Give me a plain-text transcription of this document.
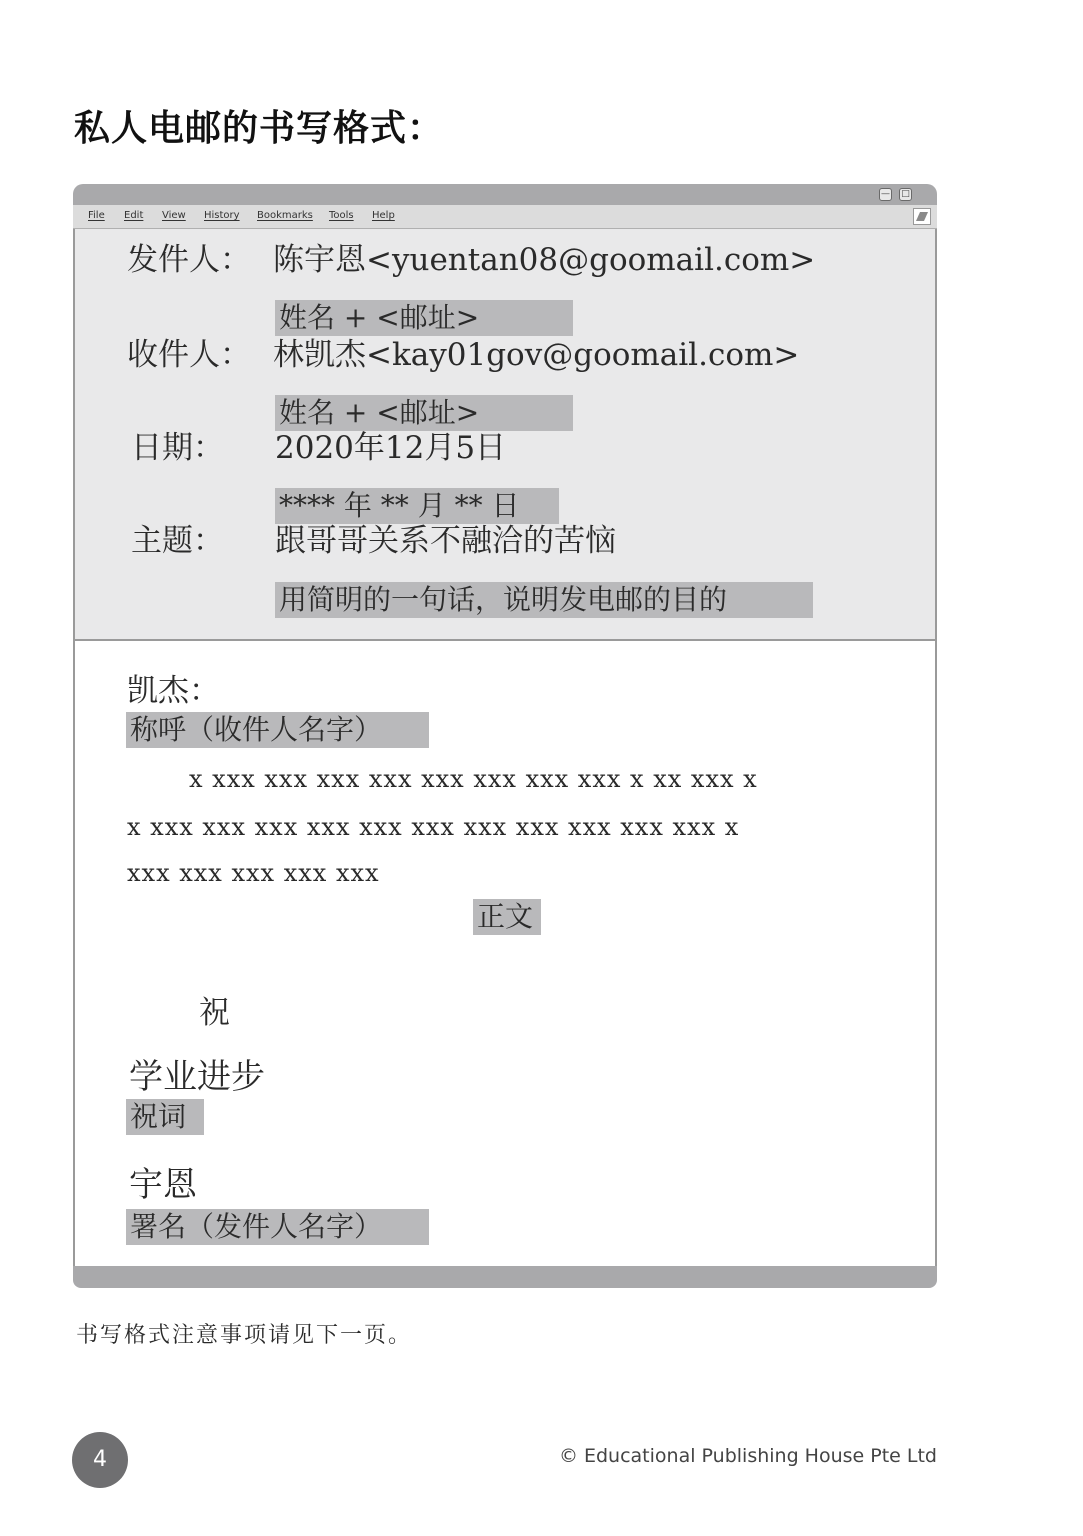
私人电邮的书写格式：
— □
File Edit View History Bookmarks Tools Help
发件人： 陈宇恩<yuentan08@goomail.com>
姓名 + <邮址>
收件人： 林凯杰<kay01gov@goomail.com>
姓名 + <邮址>
日期： 2020年12月5日
**** 年 ** 月 ** 日
主题： 跟哥哥关系不融洽的苦恼
用简明的一句话，说明发电邮的目的
凯杰：
称呼（收件人名字）
x xxx xxx xxx xxx xxx xxx xxx xxx x xx xxx x
x xxx xxx xxx xxx xxx xxx xxx xxx xxx xxx xxx x
xxx xxx xxx xxx xxx
正文
祝
学业进步
祝词
宇恩
署名（发件人名字）
书写格式注意事项请见下一页。
4	© Educational Publishing House Pte Ltd
